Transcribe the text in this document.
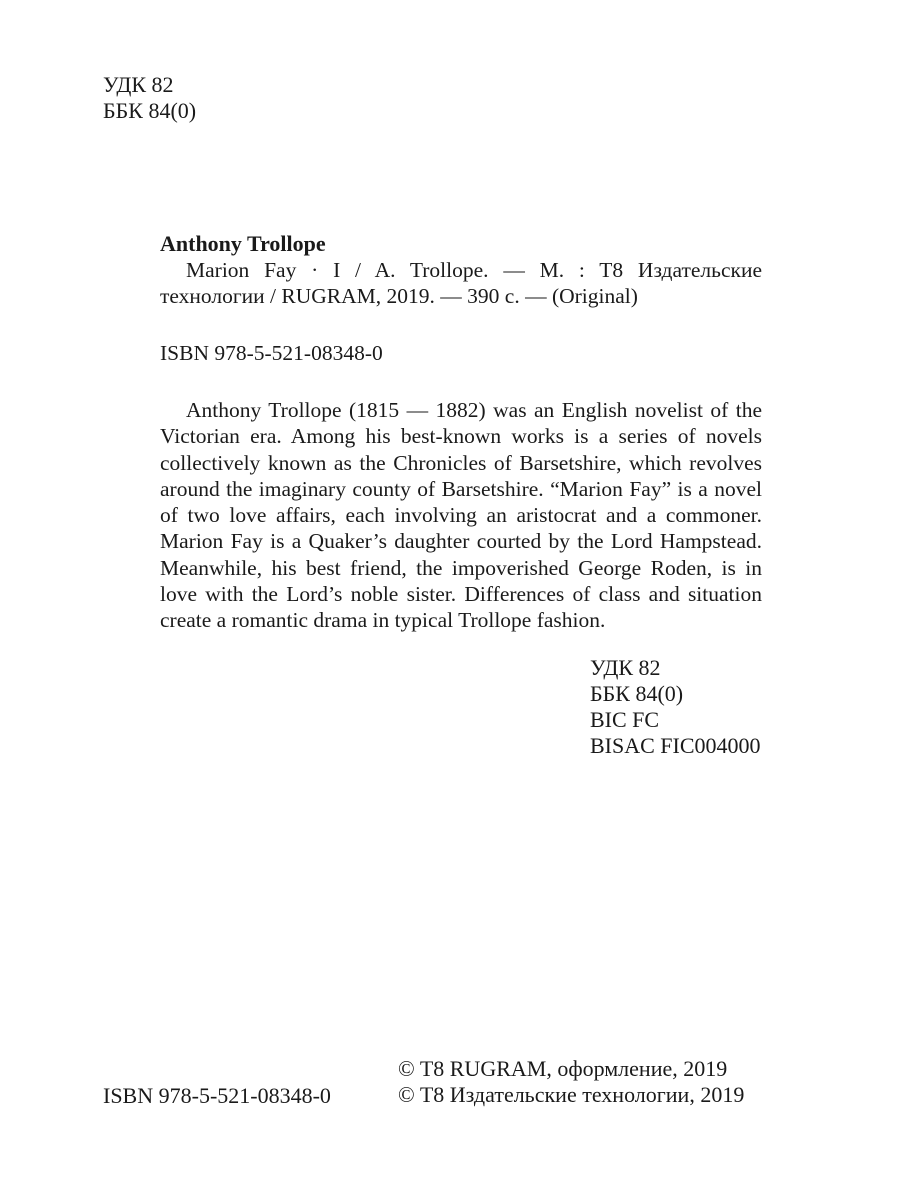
УДК 82
ББК 84(0)
Anthony Trollope
Marion Fay · I / A. Trollope. — M. : T8 Издательские технологии / RUGRAM, 2019. — 390 c. — (Original)
ISBN 978-5-521-08348-0
Anthony Trollope (1815 — 1882) was an English novelist of the Victorian era. Among his best-known works is a series of novels collectively known as the Chronicles of Barsetshire, which revolves around the imaginary county of Barsetshire. “Marion Fay” is a novel of two love affairs, each involving an aristocrat and a commoner. Marion Fay is a Quaker’s daughter courted by the Lord Hampstead. Meanwhile, his best friend, the impoverished George Roden, is in love with the Lord’s noble sister. Differences of class and situation create a romantic drama in typical Trollope fashion.
УДК 82
ББК 84(0)
BIC FC
BISAC FIC004000
ISBN 978-5-521-08348-0
© T8 RUGRAM, оформление, 2019
© T8 Издательские технологии, 2019
